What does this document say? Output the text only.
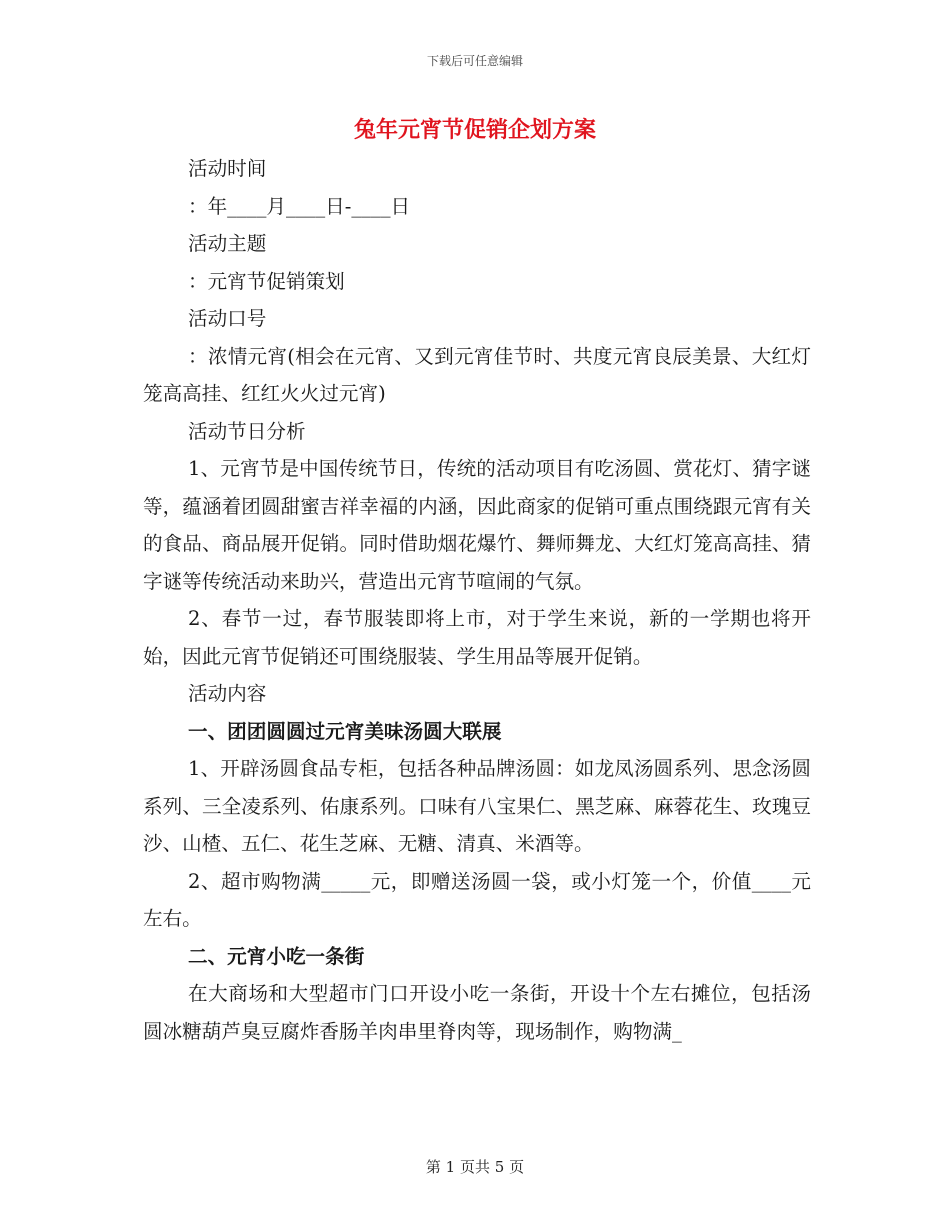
下载后可任意编辑
兔年元宵节促销企划方案

活动时间

：年____月____日-____日

活动主题

：元宵节促销策划

活动口号

：浓情元宵(相会在元宵、又到元宵佳节时、共度元宵良辰美景、大红灯笼高高挂、红红火火过元宵)

活动节日分析

1、元宵节是中国传统节日，传统的活动项目有吃汤圆、赏花灯、猜字谜等，蕴涵着团圆甜蜜吉祥幸福的内涵，因此商家的促销可重点围绕跟元宵有关的食品、商品展开促销。同时借助烟花爆竹、舞师舞龙、大红灯笼高高挂、猜字谜等传统活动来助兴，营造出元宵节喧闹的气氛。

2、春节一过，春节服装即将上市，对于学生来说，新的一学期也将开始，因此元宵节促销还可围绕服装、学生用品等展开促销。

活动内容

一、团团圆圆过元宵美味汤圆大联展

1、开辟汤圆食品专柜，包括各种品牌汤圆：如龙凤汤圆系列、思念汤圆系列、三全凌系列、佑康系列。口味有八宝果仁、黑芝麻、麻蓉花生、玫瑰豆沙、山楂、五仁、花生芝麻、无糖、清真、米酒等。

2、超市购物满_____元，即赠送汤圆一袋，或小灯笼一个，价值____元左右。

二、元宵小吃一条街

在大商场和大型超市门口开设小吃一条街，开设十个左右摊位，包括汤圆冰糖葫芦臭豆腐炸香肠羊肉串里脊肉等，现场制作，购物满_

第 1 页共 5 页
